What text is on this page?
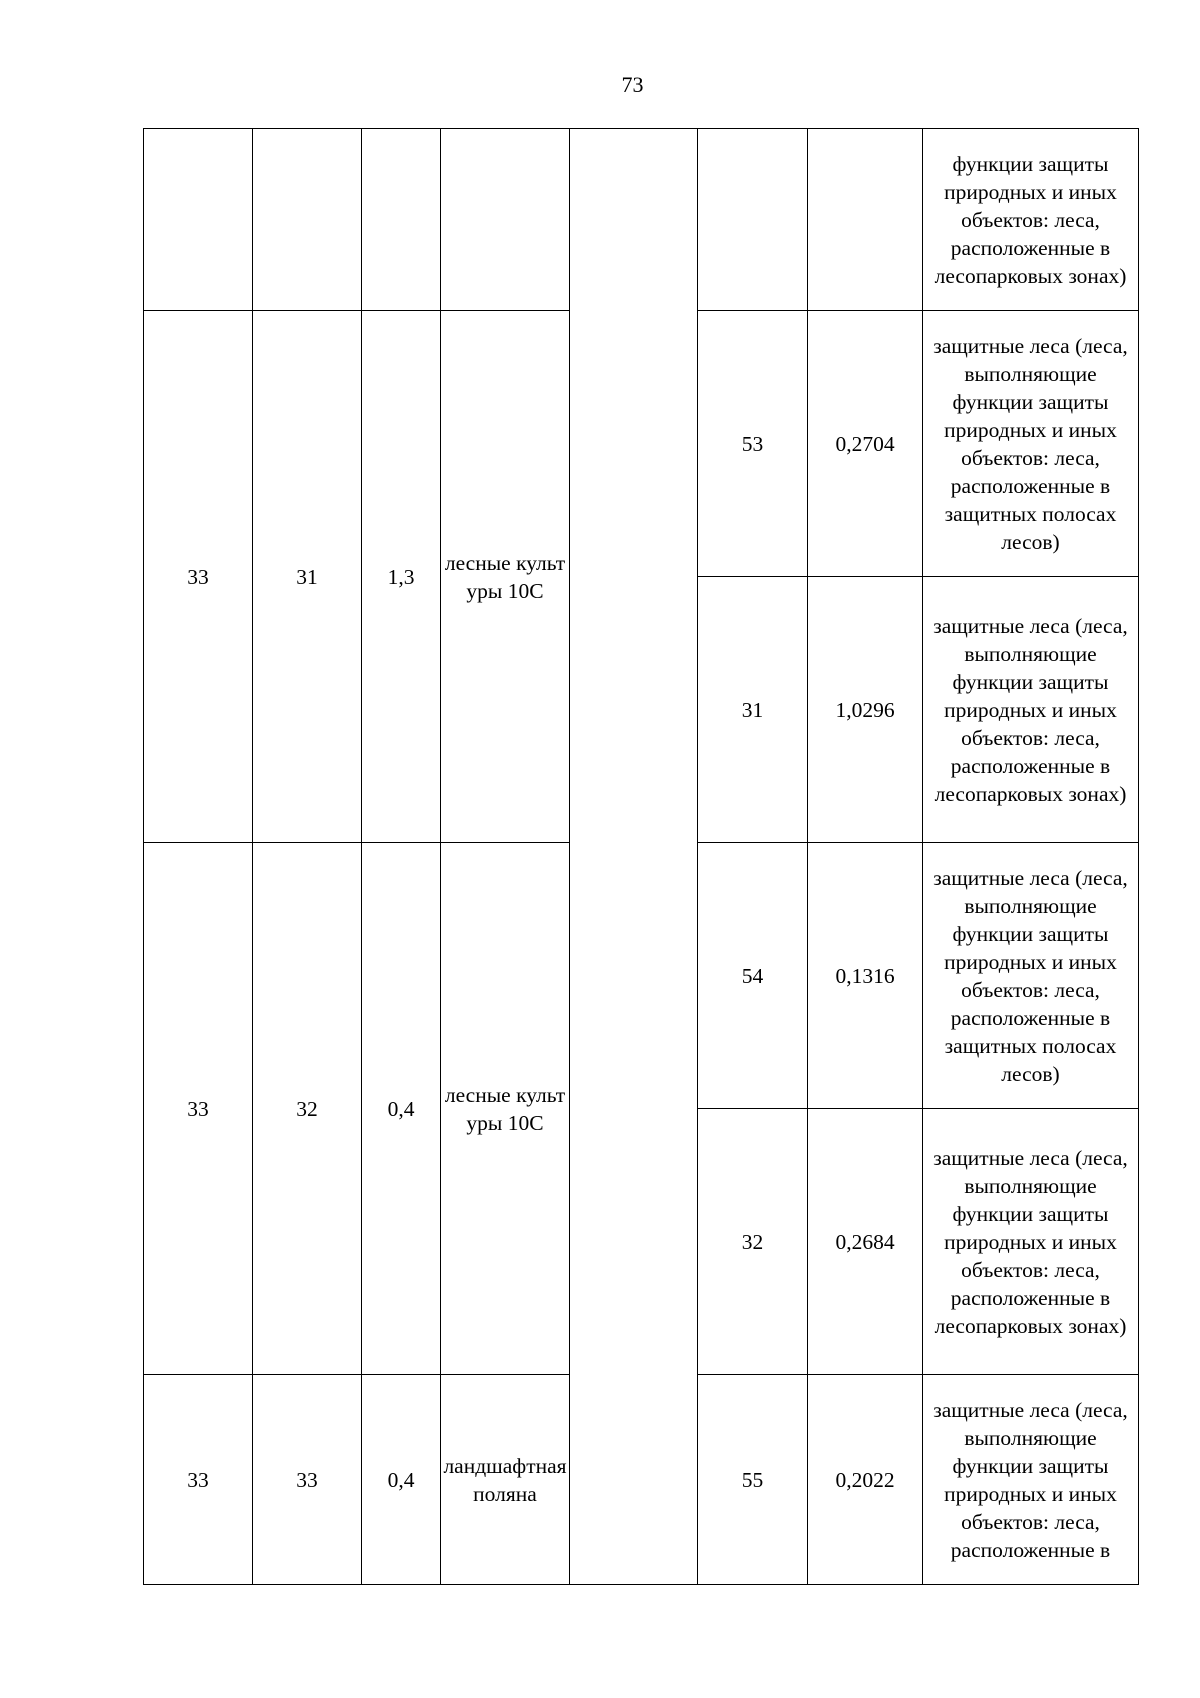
73
							функции защиты природных и иных объектов: леса, расположенные в лесопарковых зонах)
33	31	1,3	лесные культуры 10С		53	0,2704	защитные леса (леса, выполняющие функции защиты природных и иных объектов: леса, расположенные в защитных полосах лесов)
					31	1,0296	защитные леса (леса, выполняющие функции защиты природных и иных объектов: леса, расположенные в лесопарковых зонах)
33	32	0,4	лесные культуры 10С		54	0,1316	защитные леса (леса, выполняющие функции защиты природных и иных объектов: леса, расположенные в защитных полосах лесов)
					32	0,2684	защитные леса (леса, выполняющие функции защиты природных и иных объектов: леса, расположенные в лесопарковых зонах)
33	33	0,4	ландшафтная поляна		55	0,2022	защитные леса (леса, выполняющие функции защиты природных и иных объектов: леса, расположенные в
